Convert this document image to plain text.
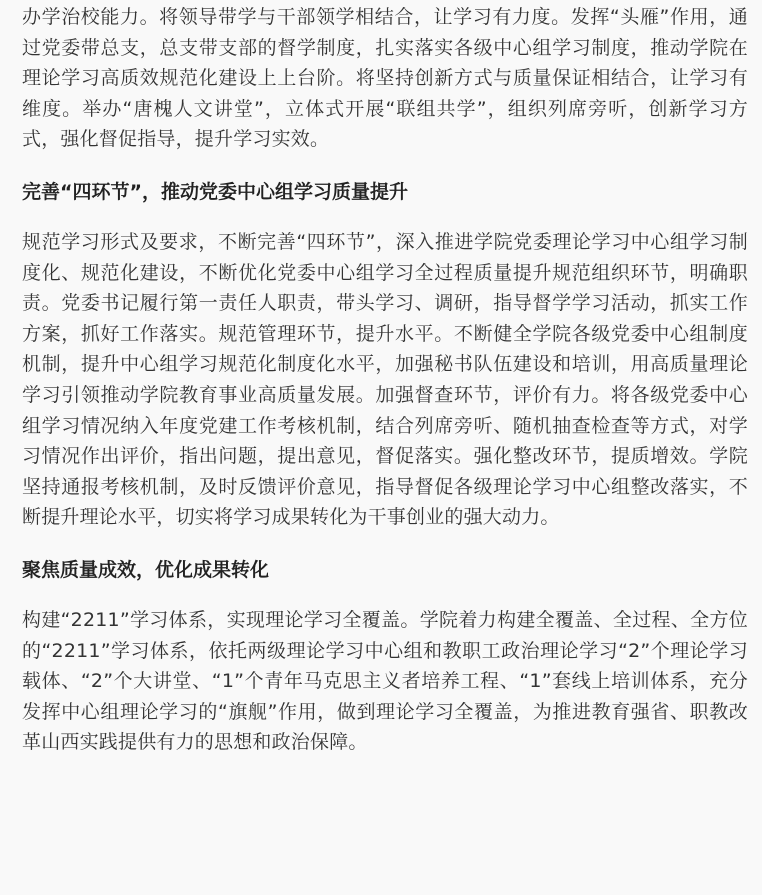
办学治校能力。将领导带学与干部领学相结合，让学习有力度。发挥“头雁”作用，通过党委带总支，总支带支部的督学制度，扎实落实各级中心组学习制度，推动学院在理论学习高质效规范化建设上上台阶。将坚持创新方式与质量保证相结合，让学习有维度。举办“唐槐人文讲堂”，立体式开展“联组共学”，组织列席旁听，创新学习方式，强化督促指导，提升学习实效。

完善“四环节”，推动党委中心组学习质量提升

规范学习形式及要求，不断完善“四环节”，深入推进学院党委理论学习中心组学习制度化、规范化建设，不断优化党委中心组学习全过程质量提升规范组织环节，明确职责。党委书记履行第一责任人职责，带头学习、调研，指导督学学习活动，抓实工作方案，抓好工作落实。规范管理环节，提升水平。不断健全学院各级党委中心组制度机制，提升中心组学习规范化制度化水平，加强秘书队伍建设和培训，用高质量理论学习引领推动学院教育事业高质量发展。加强督查环节，评价有力。将各级党委中心组学习情况纳入年度党建工作考核机制，结合列席旁听、随机抽查检查等方式，对学习情况作出评价，指出问题，提出意见，督促落实。强化整改环节，提质增效。学院坚持通报考核机制，及时反馈评价意见，指导督促各级理论学习中心组整改落实，不断提升理论水平，切实将学习成果转化为干事创业的强大动力。

聚焦质量成效，优化成果转化

构建“2211”学习体系，实现理论学习全覆盖。学院着力构建全覆盖、全过程、全方位的“2211”学习体系，依托两级理论学习中心组和教职工政治理论学习“2”个理论学习载体、“2”个大讲堂、“1”个青年马克思主义者培养工程、“1”套线上培训体系，充分发挥中心组理论学习的“旗舰”作用，做到理论学习全覆盖，为推进教育强省、职教改革山西实践提供有力的思想和政治保障。
